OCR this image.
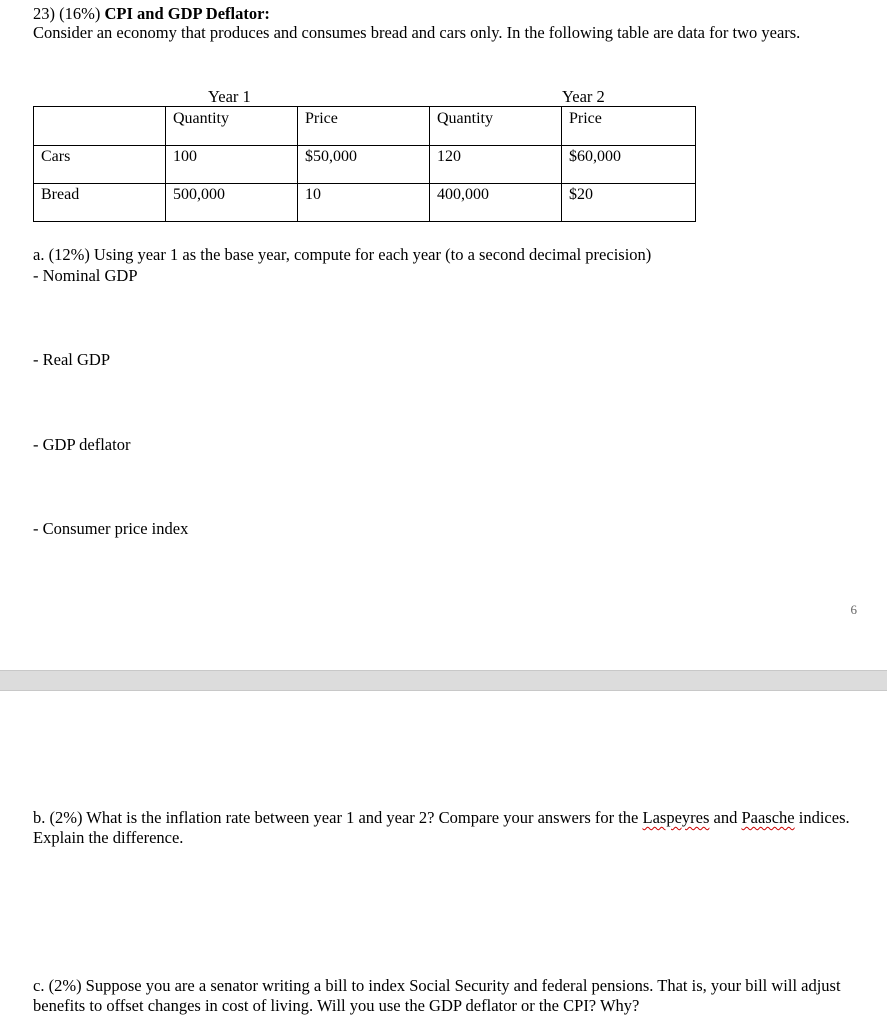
23) (16%) CPI and GDP Deflator:
Consider an economy that produces and consumes bread and cars only. In the following table are data for two years.
Year 1	Year 2
	Quantity	Price	Quantity	Price
Cars	100	$50,000	120	$60,000
Bread	500,000	10	400,000	$20
a. (12%) Using year 1 as the base year, compute for each year (to a second decimal precision)
- Nominal GDP
- Real GDP
- GDP deflator
- Consumer price index
6
b. (2%) What is the inflation rate between year 1 and year 2? Compare your answers for the Laspeyres and Paasche indices. Explain the difference.
c. (2%) Suppose you are a senator writing a bill to index Social Security and federal pensions. That is, your bill will adjust benefits to offset changes in cost of living. Will you use the GDP deflator or the CPI? Why?
